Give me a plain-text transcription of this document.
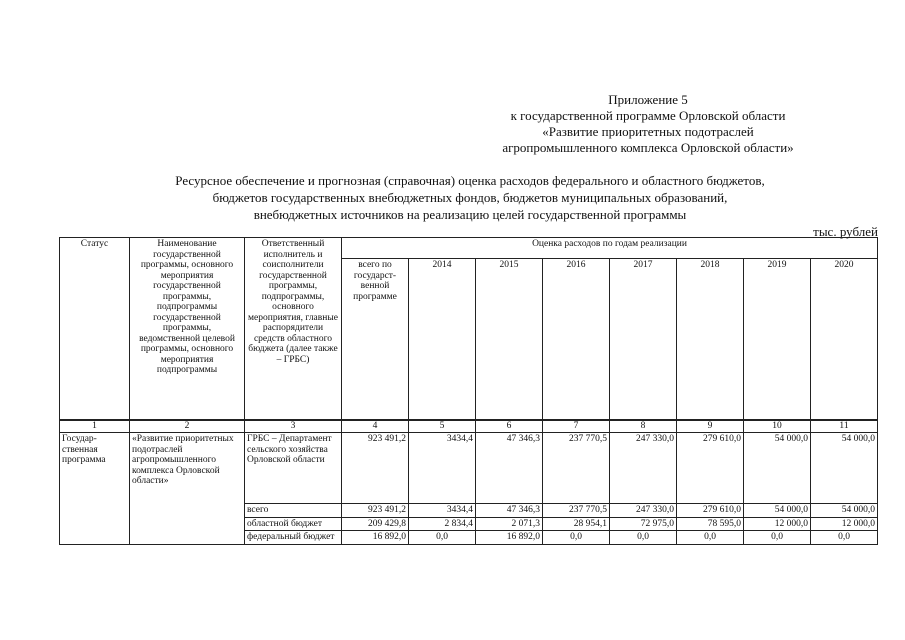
Приложение 5
к государственной программе Орловской области
«Развитие приоритетных подотраслей
агропромышленного комплекса Орловской области»
Ресурсное обеспечение и прогнозная (справочная) оценка расходов федерального и областного бюджетов,
бюджетов государственных внебюджетных фондов, бюджетов муниципальных образований,
внебюджетных источников на реализацию целей государственной программы
тыс. рублей
Статус	Наименование государственной программы, основного мероприятия государственной программы, подпрограммы государственной программы, ведомственной целевой программы, основного мероприятия подпрограммы	Ответственный исполнитель и соисполнители государственной программы, подпрограммы, основного мероприятия, главные распорядители средств областного бюджета (далее также – ГРБС)	Оценка расходов по годам реализации							
			всего по государст-венной программе	2014	2015	2016	2017	2018	2019	2020
1	2	3	4	5	6	7	8	9	10	11
Государ-ственная программа	«Развитие приоритетных подотраслей агропромышленного комплекса Орловской области»	ГРБС – Департамент сельского хозяйства Орловской области	923 491,2	3434,4	47 346,3	237 770,5	247 330,0	279 610,0	54 000,0	54 000,0
		всего	923 491,2	3434,4	47 346,3	237 770,5	247 330,0	279 610,0	54 000,0	54 000,0
		областной бюджет	209 429,8	2 834,4	2 071,3	28 954,1	72 975,0	78 595,0	12 000,0	12 000,0
		федеральный бюджет	16 892,0	0,0	16 892,0	0,0	0,0	0,0	0,0	0,0
